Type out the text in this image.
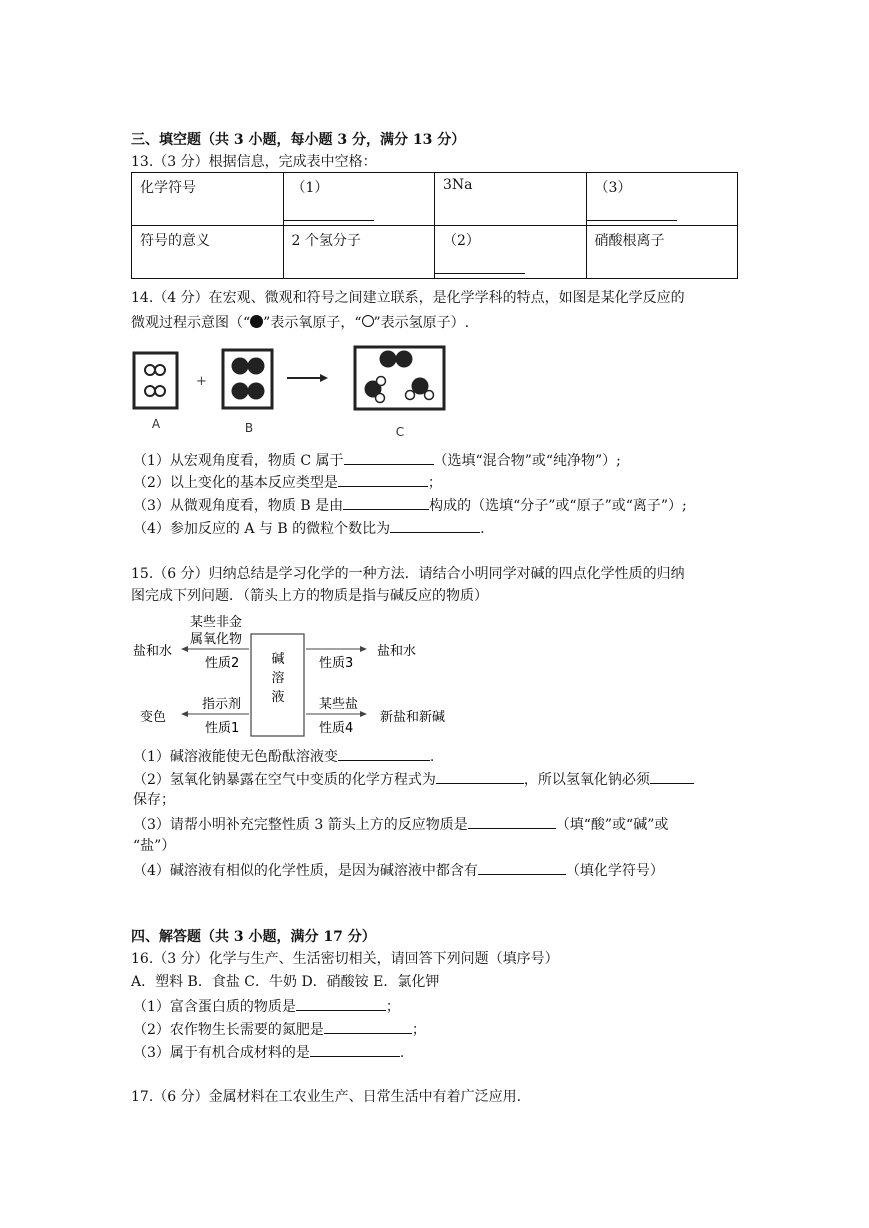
三、填空题（共 3 小题，每小题 3 分，满分 13 分）
13.（3 分）根据信息，完成表中空格：
化学符号	（1）	3Na	（3）

符号的意义	2 个氢分子	（2）	硝酸根离子
14.（4 分）在宏观、微观和符号之间建立联系，是化学学科的特点，如图是某化学反应的
微观过程示意图（“ ”表示氧原子，“ ”表示氢原子）.
+
A	B	C
（1）从宏观角度看，物质 C 属于	（选填“混合物”或“纯净物”）;
（2）以上变化的基本反应类型是	；
（3）从微观角度看，物质 B 是由	构成的（选填“分子”或“原子”或“离子”）;
（4）参加反应的 A 与 B 的微粒个数比为	.
15.（6 分）归纳总结是学习化学的一种方法．请结合小明同学对碱的四点化学性质的归纳
图完成下列问题．（箭头上方的物质是指与碱反应的物质）
碱
溶
液
某些非金
属氧化物
性质2
盐和水
性质3
盐和水
指示剂
性质1
变色
某些盐
性质4
新盐和新碱
（1）碱溶液能使无色酚酞溶液变	.
（2）氢氧化钠暴露在空气中变质的化学方程式为	，所以氢氧化钠必须
保存；
（3）请帮小明补充完整性质 3 箭头上方的反应物质是	（填“酸”或“碱”或
“盐”）
（4）碱溶液有相似的化学性质，是因为碱溶液中都含有	（填化学符号）
四、解答题（共 3 小题，满分 17 分）
16.（3 分）化学与生产、生活密切相关，请回答下列问题（填序号）
A．塑料 B．食盐 C．牛奶 D．硝酸铵 E．氯化钾
（1）富含蛋白质的物质是	；
（2）农作物生长需要的氮肥是	；
（3）属于有机合成材料的是	.
17.（6 分）金属材料在工农业生产、日常生活中有着广泛应用.
